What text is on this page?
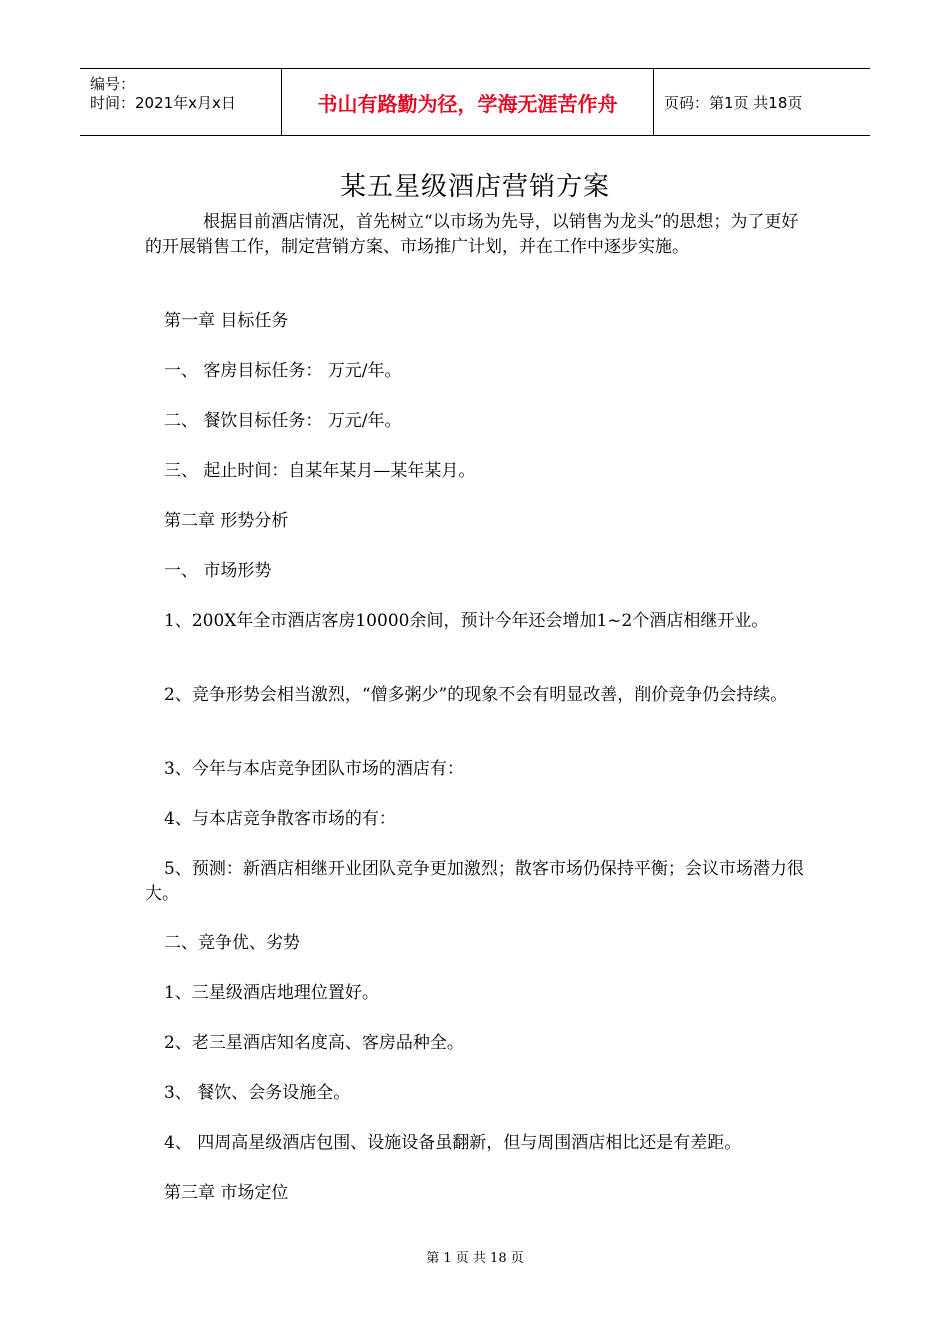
编号：
时间：2021年x月x日	书山有路勤为径，学海无涯苦作舟	页码：第1页 共18页
某五星级酒店营销方案
根据目前酒店情况，首先树立“以市场为先导，以销售为龙头”的思想；为了更好的开展销售工作，制定营销方案、市场推广计划，并在工作中逐步实施。
第一章 目标任务
一、 客房目标任务： 万元/年。
二、 餐饮目标任务： 万元/年。
三、 起止时间：自某年某月—某年某月。
第二章 形势分析
一、 市场形势
1、200X年全市酒店客房10000余间，预计今年还会增加1~2个酒店相继开业。
2、竞争形势会相当激烈，“僧多粥少”的现象不会有明显改善，削价竞争仍会持续。
3、今年与本店竞争团队市场的酒店有：
4、与本店竞争散客市场的有：
5、预测：新酒店相继开业团队竞争更加激烈；散客市场仍保持平衡；会议市场潜力很大。
二、竞争优、劣势
1、三星级酒店地理位置好。
2、老三星酒店知名度高、客房品种全。
3、 餐饮、会务设施全。
4、 四周高星级酒店包围、设施设备虽翻新，但与周围酒店相比还是有差距。
第三章 市场定位
第 1 页 共 18 页
